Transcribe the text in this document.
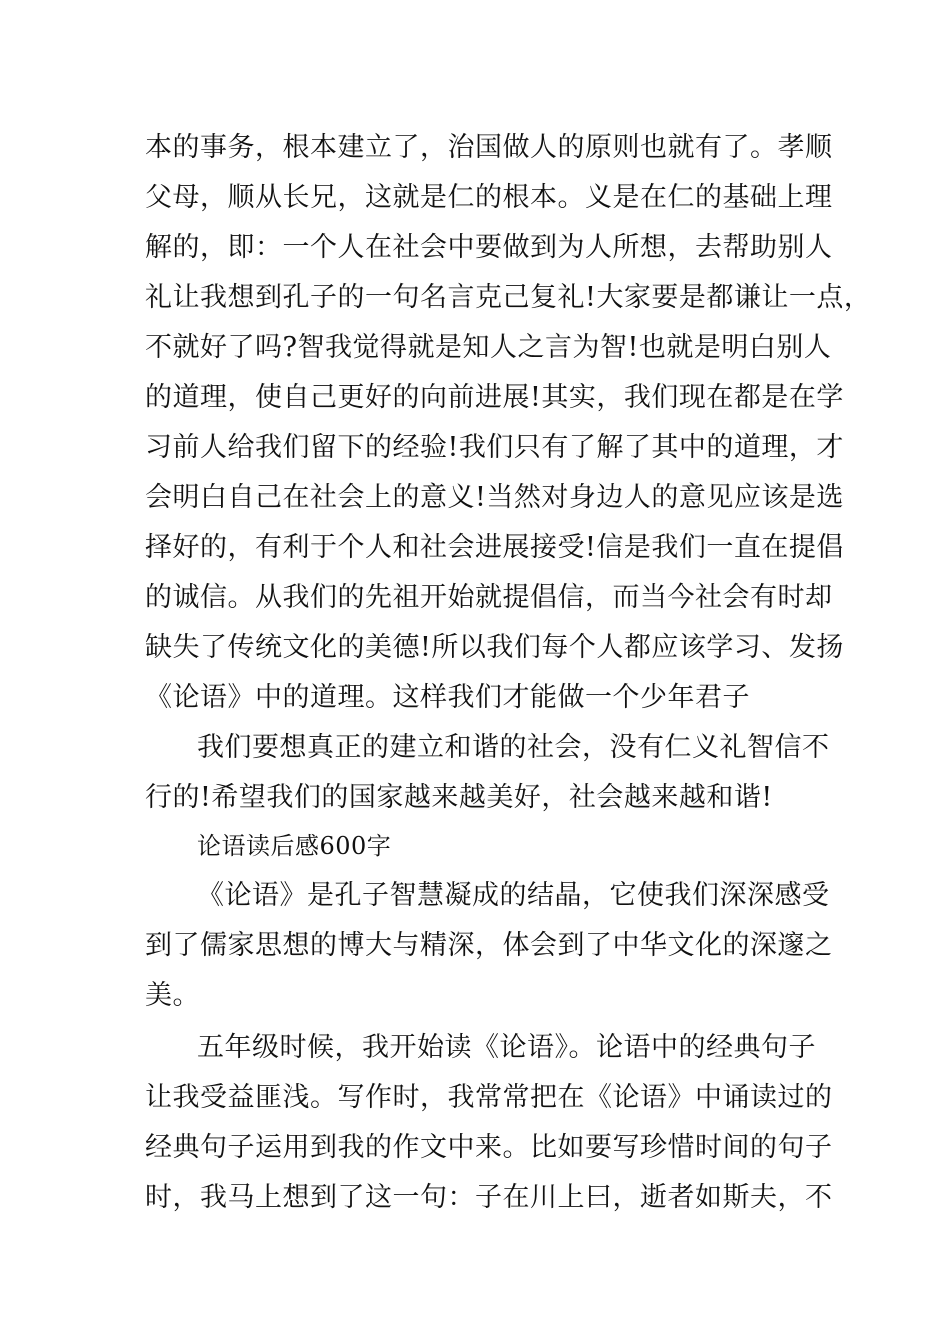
本的事务，根本建立了，治国做人的原则也就有了。孝顺

父母，顺从长兄，这就是仁的根本。义是在仁的基础上理

解的，即：一个人在社会中要做到为人所想，去帮助别人

礼让我想到孔子的一句名言克己复礼!大家要是都谦让一点，

不就好了吗?智我觉得就是知人之言为智!也就是明白别人

的道理，使自己更好的向前进展!其实，我们现在都是在学

习前人给我们留下的经验!我们只有了解了其中的道理，才

会明白自己在社会上的意义!当然对身边人的意见应该是选

择好的，有利于个人和社会进展接受!信是我们一直在提倡

的诚信。从我们的先祖开始就提倡信，而当今社会有时却

缺失了传统文化的美德!所以我们每个人都应该学习、发扬

《论语》中的道理。这样我们才能做一个少年君子

我们要想真正的建立和谐的社会，没有仁义礼智信不

行的!希望我们的国家越来越美好，社会越来越和谐!

论语读后感600字

《论语》是孔子智慧凝成的结晶，它使我们深深感受

到了儒家思想的博大与精深，体会到了中华文化的深邃之

美。

五年级时候，我开始读《论语》。论语中的经典句子

让我受益匪浅。写作时，我常常把在《论语》中诵读过的

经典句子运用到我的作文中来。比如要写珍惜时间的句子

时，我马上想到了这一句：子在川上曰，逝者如斯夫，不
